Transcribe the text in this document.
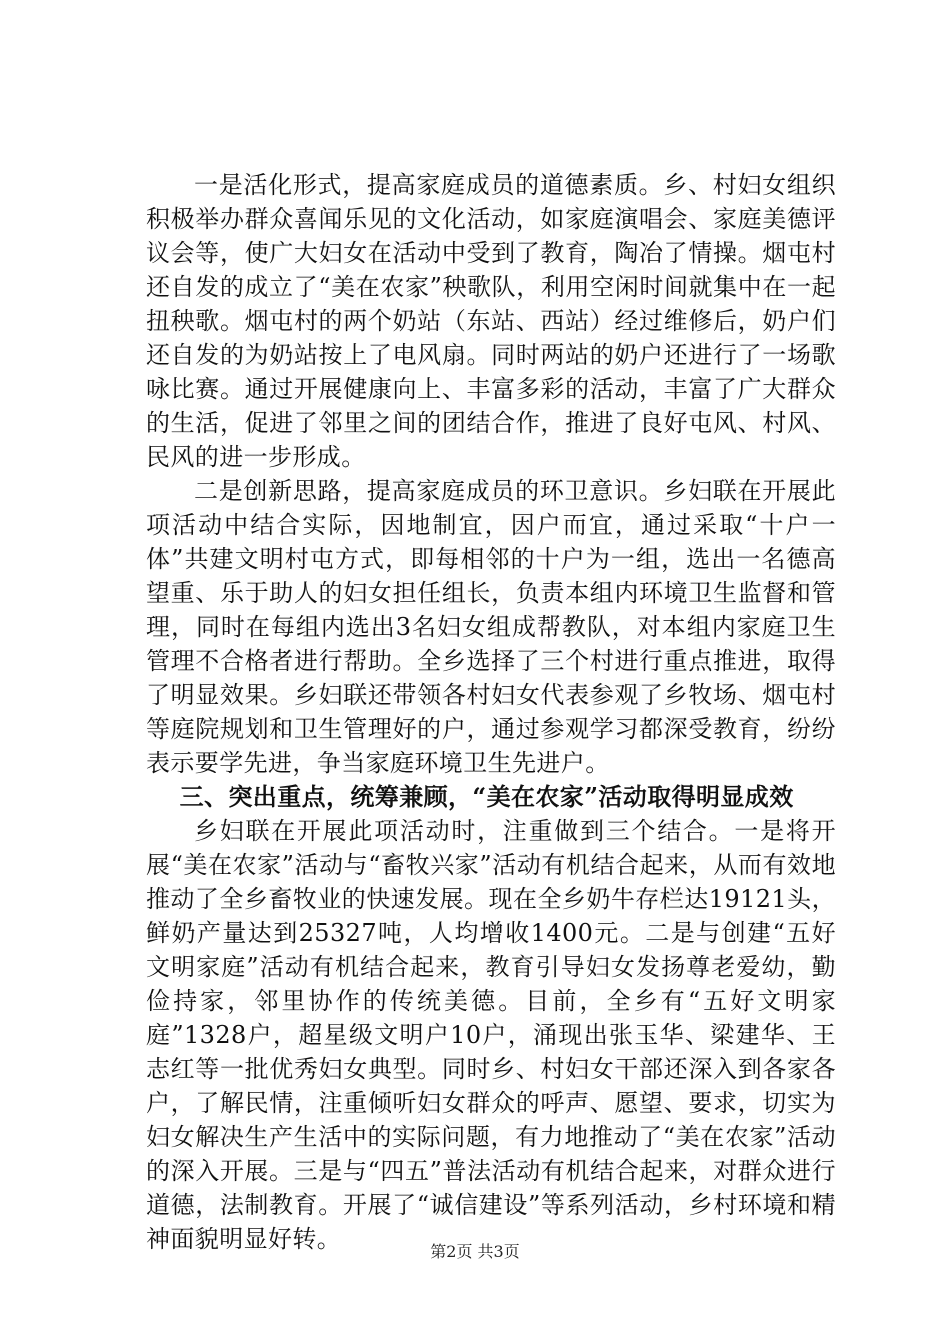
一是活化形式，提高家庭成员的道德素质。乡、村妇女组织积极举办群众喜闻乐见的文化活动，如家庭演唱会、家庭美德评议会等，使广大妇女在活动中受到了教育，陶冶了情操。烟屯村还自发的成立了“美在农家”秧歌队，利用空闲时间就集中在一起扭秧歌。烟屯村的两个奶站（东站、西站）经过维修后，奶户们还自发的为奶站按上了电风扇。同时两站的奶户还进行了一场歌咏比赛。通过开展健康向上、丰富多彩的活动，丰富了广大群众的生活，促进了邻里之间的团结合作，推进了良好屯风、村风、民风的进一步形成。

二是创新思路，提高家庭成员的环卫意识。乡妇联在开展此项活动中结合实际，因地制宜，因户而宜，通过采取“十户一体”共建文明村屯方式，即每相邻的十户为一组，选出一名德高望重、乐于助人的妇女担任组长，负责本组内环境卫生监督和管理，同时在每组内选出3名妇女组成帮教队，对本组内家庭卫生管理不合格者进行帮助。全乡选择了三个村进行重点推进，取得了明显效果。乡妇联还带领各村妇女代表参观了乡牧场、烟屯村等庭院规划和卫生管理好的户，通过参观学习都深受教育，纷纷表示要学先进，争当家庭环境卫生先进户。

三、突出重点，统筹兼顾，“美在农家”活动取得明显成效

乡妇联在开展此项活动时，注重做到三个结合。一是将开展“美在农家”活动与“畜牧兴家”活动有机结合起来，从而有效地推动了全乡畜牧业的快速发展。现在全乡奶牛存栏达19121头，鲜奶产量达到25327吨，人均增收1400元。二是与创建“五好文明家庭”活动有机结合起来，教育引导妇女发扬尊老爱幼，勤俭持家，邻里协作的传统美德。目前，全乡有“五好文明家庭”1328户，超星级文明户10户，涌现出张玉华、梁建华、王志红等一批优秀妇女典型。同时乡、村妇女干部还深入到各家各户，了解民情，注重倾听妇女群众的呼声、愿望、要求，切实为妇女解决生产生活中的实际问题，有力地推动了“美在农家”活动的深入开展。三是与“四五”普法活动有机结合起来，对群众进行道德，法制教育。开展了“诚信建设”等系列活动，乡村环境和精神面貌明显好转。	第2页 共3页
